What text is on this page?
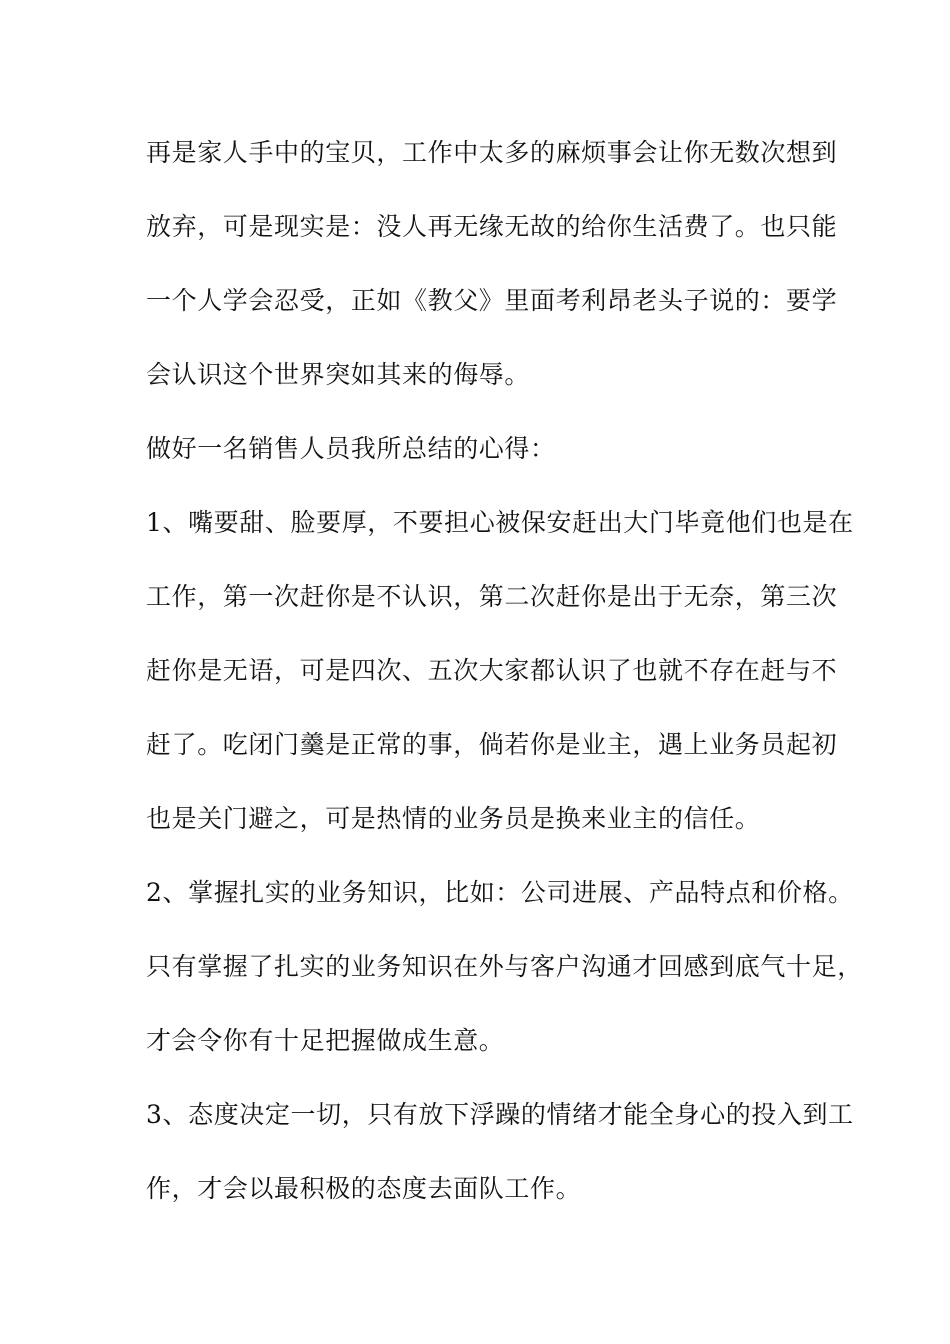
再是家人手中的宝贝，工作中太多的麻烦事会让你无数次想到
放弃，可是现实是：没人再无缘无故的给你生活费了。也只能
一个人学会忍受，正如《教父》里面考利昂老头子说的：要学
会认识这个世界突如其来的侮辱。
做好一名销售人员我所总结的心得：
1、嘴要甜、脸要厚，不要担心被保安赶出大门毕竟他们也是在
工作，第一次赶你是不认识，第二次赶你是出于无奈，第三次
赶你是无语，可是四次、五次大家都认识了也就不存在赶与不
赶了。吃闭门羹是正常的事，倘若你是业主，遇上业务员起初
也是关门避之，可是热情的业务员是换来业主的信任。
2、掌握扎实的业务知识，比如：公司进展、产品特点和价格。
只有掌握了扎实的业务知识在外与客户沟通才回感到底气十足，
才会令你有十足把握做成生意。
3、态度决定一切，只有放下浮躁的情绪才能全身心的投入到工
作，才会以最积极的态度去面队工作。
